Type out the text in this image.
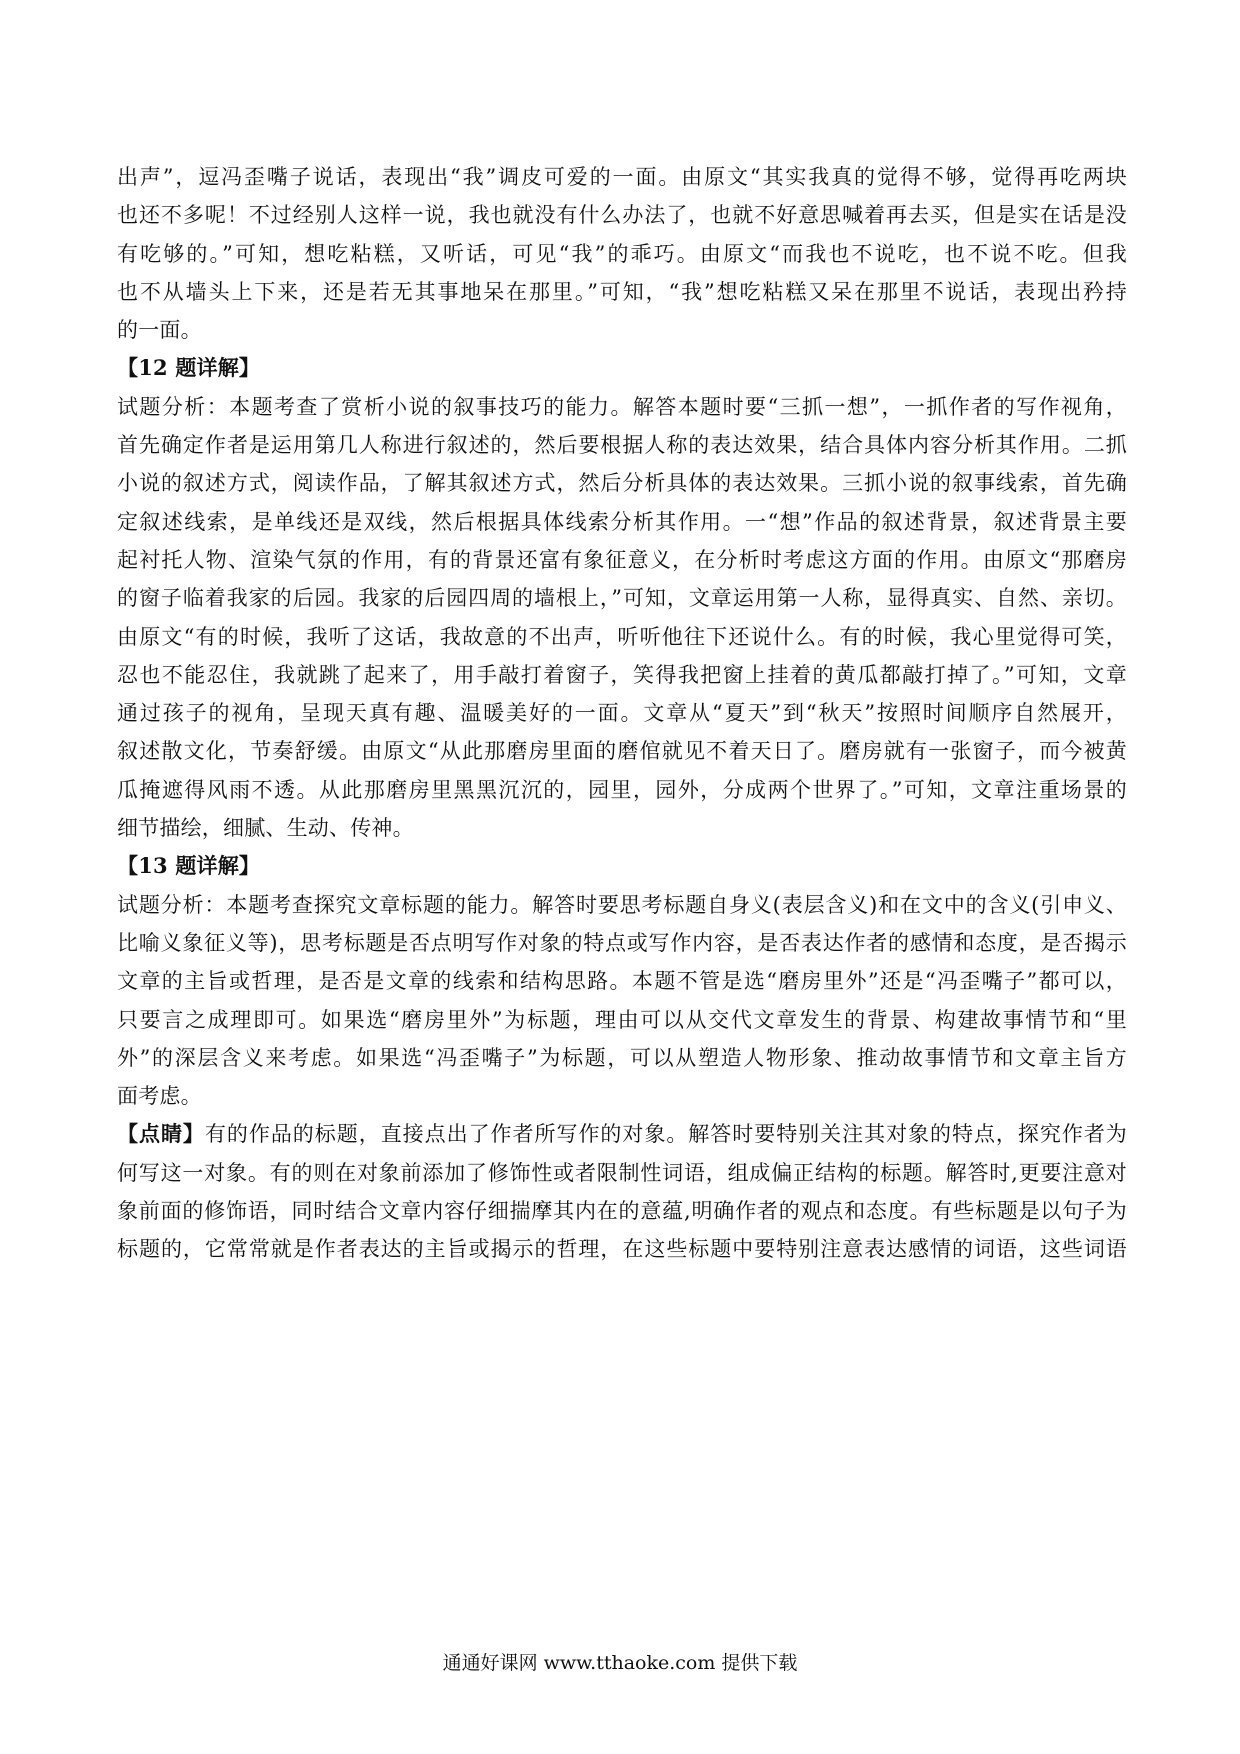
出声”，逗冯歪嘴子说话，表现出“我”调皮可爱的一面。由原文“其实我真的觉得不够，觉得再吃两块
也还不多呢！不过经别人这样一说，我也就没有什么办法了，也就不好意思喊着再去买，但是实在话是没
有吃够的。”可知，想吃粘糕，又听话，可见“我”的乖巧。由原文“而我也不说吃，也不说不吃。但我
也不从墙头上下来，还是若无其事地呆在那里。”可知，“我”想吃粘糕又呆在那里不说话，表现出矜持
的一面。
【12 题详解】
试题分析：本题考查了赏析小说的叙事技巧的能力。解答本题时要“三抓一想”，一抓作者的写作视角，
首先确定作者是运用第几人称进行叙述的，然后要根据人称的表达效果，结合具体内容分析其作用。二抓
小说的叙述方式，阅读作品，了解其叙述方式，然后分析具体的表达效果。三抓小说的叙事线索，首先确
定叙述线索，是单线还是双线，然后根据具体线索分析其作用。一“想”作品的叙述背景，叙述背景主要
起衬托人物、渲染气氛的作用，有的背景还富有象征意义，在分析时考虑这方面的作用。由原文“那磨房
的窗子临着我家的后园。我家的后园四周的墙根上，”可知，文章运用第一人称，显得真实、自然、亲切。
由原文“有的时候，我听了这话，我故意的不出声，听听他往下还说什么。有的时候，我心里觉得可笑，
忍也不能忍住，我就跳了起来了，用手敲打着窗子，笑得我把窗上挂着的黄瓜都敲打掉了。”可知，文章
通过孩子的视角，呈现天真有趣、温暖美好的一面。文章从“夏天”到“秋天”按照时间顺序自然展开，
叙述散文化，节奏舒缓。由原文“从此那磨房里面的磨倌就见不着天日了。磨房就有一张窗子，而今被黄
瓜掩遮得风雨不透。从此那磨房里黑黑沉沉的，园里，园外，分成两个世界了。”可知，文章注重场景的
细节描绘，细腻、生动、传神。
【13 题详解】
试题分析：本题考查探究文章标题的能力。解答时要思考标题自身义(表层含义)和在文中的含义(引申义、
比喻义象征义等)，思考标题是否点明写作对象的特点或写作内容，是否表达作者的感情和态度，是否揭示
文章的主旨或哲理，是否是文章的线索和结构思路。本题不管是选“磨房里外”还是“冯歪嘴子”都可以，
只要言之成理即可。如果选“磨房里外”为标题，理由可以从交代文章发生的背景、构建故事情节和“里
外”的深层含义来考虑。如果选“冯歪嘴子”为标题，可以从塑造人物形象、推动故事情节和文章主旨方
面考虑。
【点睛】有的作品的标题，直接点出了作者所写作的对象。解答时要特别关注其对象的特点，探究作者为
何写这一对象。有的则在对象前添加了修饰性或者限制性词语，组成偏正结构的标题。解答时,更要注意对
象前面的修饰语，同时结合文章内容仔细揣摩其内在的意蕴,明确作者的观点和态度。有些标题是以句子为
标题的，它常常就是作者表达的主旨或揭示的哲理，在这些标题中要特别注意表达感情的词语，这些词语
通通好课网 www.tthaoke.com 提供下载
